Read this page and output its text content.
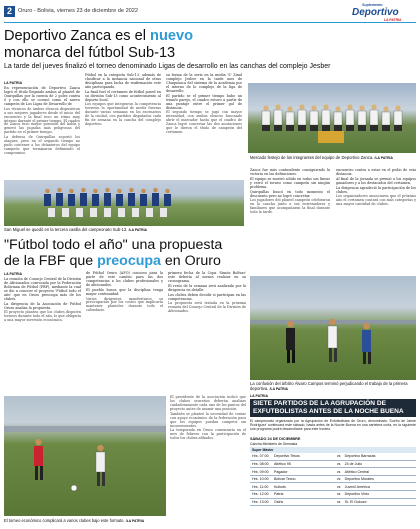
2	Oruro - Bolivia, viernes 23 de diciembre de 2022
Suplemento
Deportivo
LA PATRIA
Deportivo Zanca es el nuevo
monarca del fútbol Sub-13
La tarde del jueves finalizó el torneo denominado Ligas de desarrollo en las canchas del complejo Jesber
LA PATRIA

En representación de Deportivo Zanca logró el título llegando ambos al plantel de Quirquillas por la cuenta de 2 goles contra 0 y con ello se coronó como el nuevo campeón de Los Ligas de Desarrollo de

Los técnicos de ambos elencos dispusieron a sus mejores jugadores desde el inicio del encuentro y la final tuvo un ritmo muy intenso durante el primer tiempo. El cuadro de Zanca tuvo mayor posesión del balón y generó las jugadas más peligrosas del partido en el primer tiempo.

La defensa de Quirquillas soportó los ataques, pero en el segundo tiempo no pudo contener a los delanteros del equipo campeón que terminaron definiendo el compromiso.

Fútbol en la categoría Sub-13, además de clasificar a la instancia nacional de otras disciplinas para lucha de reafirmación este año participando.

La final fuel el certamen de fútbol posed en su división Sub-13 como acontecimiento al deporte local.

Los equipos que integraron la competencia tuvieron la oportunidad de medir fuerzas durante varias semanas en los escenarios de la ciudad, con partidos disputados cada fin de semana en la cancha del complejo deportivo.

su forma de la serie en la media 'S' Zinal complejo Jesber en la tarde mes de Chuquisaca del sistema de la academia por el interno de lo complejo de la liga de desarrollo.

El partido se el primer tiempo hubo un triunfo parejo, el cuadro estuvo a partir de una puntaje entre el primer gol de distancia.

El segundo tiempo se jugó con mayor intensidad, con ambos elencos buscando abrir el marcador hasta que el cuadro de Zanca logró concretar las dos anotaciones que le dieron el título de campeón del certamen.

Mercado festejo de los integrantes del equipo de Deportivo Zanca. /LA PATRIA
San Miguel se quedó en la tercera casilla del campeonato Sub-13. /LA PATRIA

Zanca fue más contundente consiguiendo la victoria en las definiciones.

El equipo se mostró sólido en todas sus líneas y cerró el torneo como campeón sin ningún problema.

Quirquillas buscó en todo momento el descuento pero no logró concretar.

Los jugadores del plantel campeón celebraron en la cancha junto a sus entrenadores y familiares que acompañaron la final durante toda la tarde.

encuentro contra a estar en el podio de esta distancia.

Al final de la jornada se premió a los equipos ganadores y a los destacados del certamen.

La dirigencia agradeció la participación de los clubes.

Los organizadores anunciaron que el próximo año el certamen contará con más categorías y una mayor cantidad de clubes.

"Fútbol todo el año" una propuesta
de la FBF que preocupa en Oruro
LA PATRIA

La reunión de Consejo Central de la División de Aficionados convocada por la Federación Boliviana de Fútbol (FBF), mediante la cual se dio a conocer el proyecto 'Fútbol todo el año' que en Oruro preocupa más de los clubes.

La dirigencia de la Asociación de Fútbol Oruro analiza la propuesta.

El proyecto plantea que los clubes disputen torneos durante todo el año, lo que obligaría a una mayor inversión económica.

de Fútbol Oruro (AFO) conocen para la parte de este cambio para las dos competencias a los clubes profesionales y de aficionados.

El pueblo busca que la disciplina tenga mayor continuidad.

Varios dirigentes manifestaron su preocupación por los costos que implicaría mantener planteles durante todo el calendario.

primera fecha de la Copa 'Simón Bolívar' este debería al menos realizar en su cronograma.

El resto de la semana será analizada por la dirigencia en detalle.

Los clubes deben decidir si participan en las competencias.

La propuesta será tratada en la próxima reunión del Consejo Central de la División de Aficionados.

El torneo económico complicará a varios clubes bajo este formato. /LA PATRIA

El presidente de la asociación indicó que los clubes orureños deberán analizar cuidadosamente cada uno de los puntos del proyecto antes de asumir una posición.

También se planteó la necesidad de contar con apoyo económico de la federación para que los equipos puedan competir sin inconvenientes.

La temporada en Oruro comenzaría en el mes de febrero con la participación de todos los clubes afiliados.

La confusión del árbitro Álvaro Campos terminó perjudicando el trabajo de la primera deportiva. /LA PATRIA
LA PATRIA
SIETE PARTIDOS DE LA AGRUPACIÓN DE EXFUTBOLISTAS ANTES DE LA NOCHE BUENA
El campeonato organizado por la Agrupación de Exfutbolistas de Oruro, denominado 'Sueño de Jaime Rodríguez' continuará este sábado, hasta antes de la Noche Buena en una cartelera corta, en la siguiente sub programa podrá desarrollarse para este horario.
SÁBADO 24 DE DICIEMBRE
Cancha Ministerio de Gimnasia
Super Máster
Hrs. 07:00	Deportivo Tekos	vs	Deportivo Barracas
Hrs. 08:00	Atlético 95	vs	24 de Julio
Hrs. 09:00	Pagador	vs	Atlético Central
Hrs. 10:00	Bolivar Tecno	vs	Deportivo Morales
Hrs. 11:00	Kulkuts	vs	Juvenil América
Hrs. 12:00	Patria	vs	Deportivo Vinto
Hrs. 13:00	Osiris	vs	Sr. El Gokuev
